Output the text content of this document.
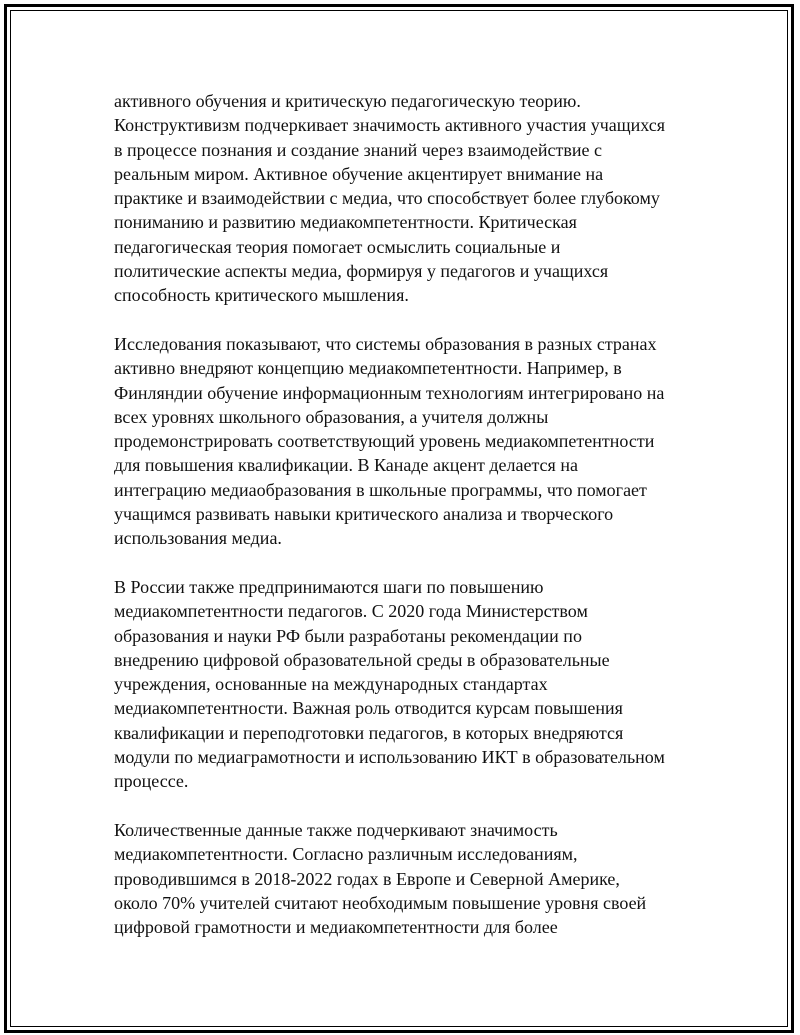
активного обучения и критическую педагогическую теорию.
Конструктивизм подчеркивает значимость активного участия учащихся
в процессе познания и создание знаний через взаимодействие с
реальным миром. Активное обучение акцентирует внимание на
практике и взаимодействии с медиа, что способствует более глубокому
пониманию и развитию медиакомпетентности. Критическая
педагогическая теория помогает осмыслить социальные и
политические аспекты медиа, формируя у педагогов и учащихся
способность критического мышления.

Исследования показывают, что системы образования в разных странах
активно внедряют концепцию медиакомпетентности. Например, в
Финляндии обучение информационным технологиям интегрировано на
всех уровнях школьного образования, а учителя должны
продемонстрировать соответствующий уровень медиакомпетентности
для повышения квалификации. В Канаде акцент делается на
интеграцию медиаобразования в школьные программы, что помогает
учащимся развивать навыки критического анализа и творческого
использования медиа.

В России также предпринимаются шаги по повышению
медиакомпетентности педагогов. С 2020 года Министерством
образования и науки РФ были разработаны рекомендации по
внедрению цифровой образовательной среды в образовательные
учреждения, основанные на международных стандартах
медиакомпетентности. Важная роль отводится курсам повышения
квалификации и переподготовки педагогов, в которых внедряются
модули по медиаграмотности и использованию ИКТ в образовательном
процессе.

Количественные данные также подчеркивают значимость
медиакомпетентности. Согласно различным исследованиям,
проводившимся в 2018-2022 годах в Европе и Северной Америке,
около 70% учителей считают необходимым повышение уровня своей
цифровой грамотности и медиакомпетентности для более
